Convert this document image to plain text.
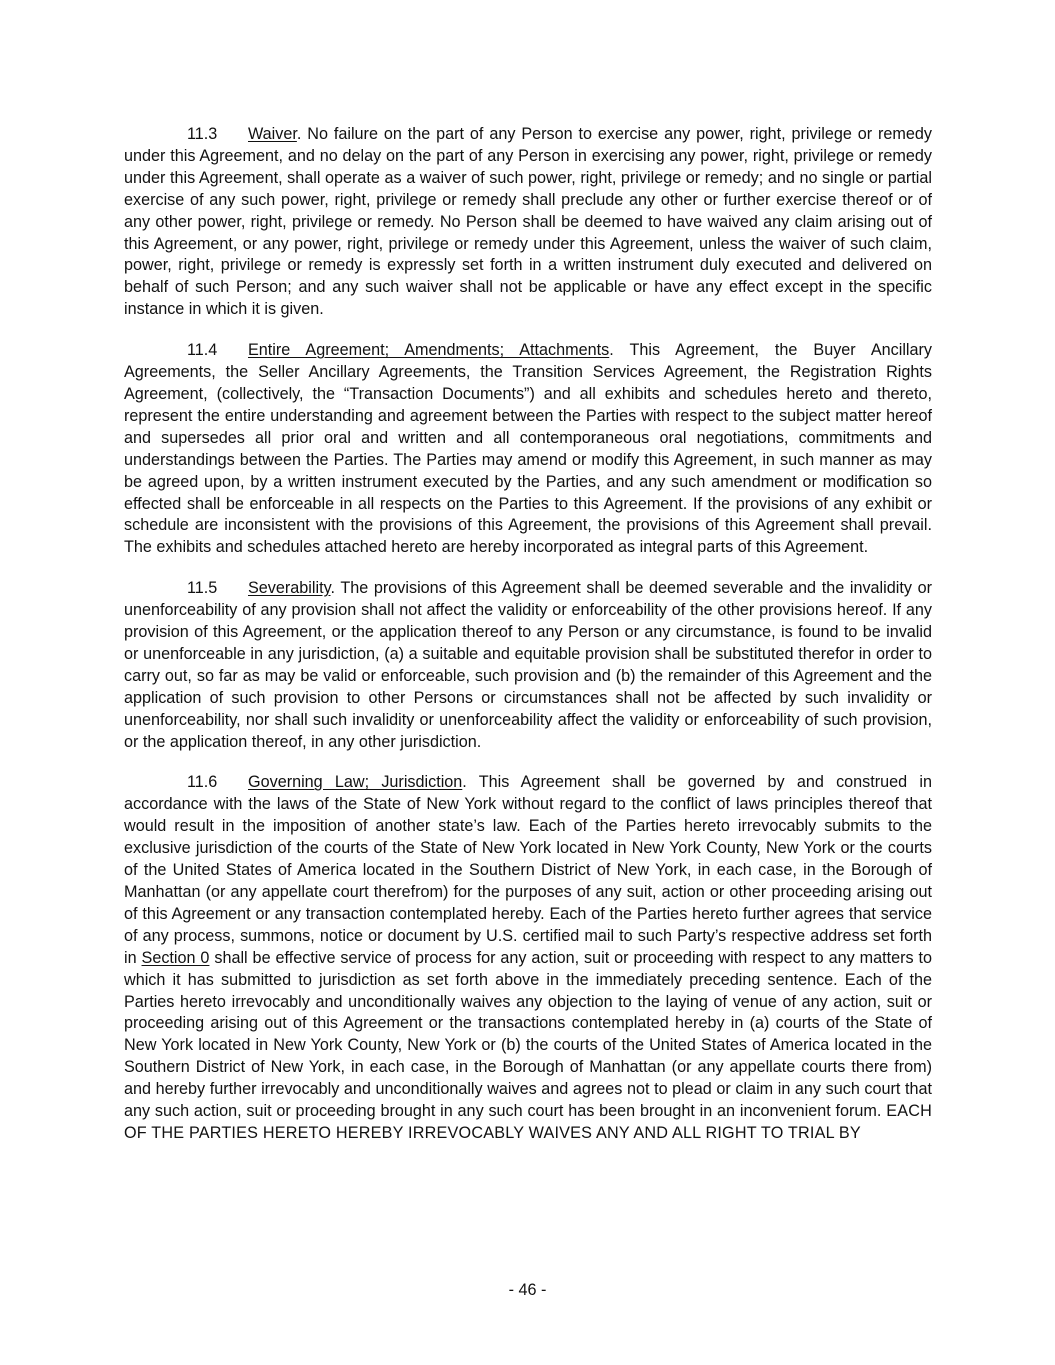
11.3 Waiver. No failure on the part of any Person to exercise any power, right, privilege or remedy under this Agreement, and no delay on the part of any Person in exercising any power, right, privilege or remedy under this Agreement, shall operate as a waiver of such power, right, privilege or remedy; and no single or partial exercise of any such power, right, privilege or remedy shall preclude any other or further exercise thereof or of any other power, right, privilege or remedy. No Person shall be deemed to have waived any claim arising out of this Agreement, or any power, right, privilege or remedy under this Agreement, unless the waiver of such claim, power, right, privilege or remedy is expressly set forth in a written instrument duly executed and delivered on behalf of such Person; and any such waiver shall not be applicable or have any effect except in the specific instance in which it is given.

11.4 Entire Agreement; Amendments; Attachments. This Agreement, the Buyer Ancillary Agreements, the Seller Ancillary Agreements, the Transition Services Agreement, the Registration Rights Agreement, (collectively, the “Transaction Documents”) and all exhibits and schedules hereto and thereto, represent the entire understanding and agreement between the Parties with respect to the subject matter hereof and supersedes all prior oral and written and all contemporaneous oral negotiations, commitments and understandings between the Parties. The Parties may amend or modify this Agreement, in such manner as may be agreed upon, by a written instrument executed by the Parties, and any such amendment or modification so effected shall be enforceable in all respects on the Parties to this Agreement. If the provisions of any exhibit or schedule are inconsistent with the provisions of this Agreement, the provisions of this Agreement shall prevail. The exhibits and schedules attached hereto are hereby incorporated as integral parts of this Agreement.

11.5 Severability. The provisions of this Agreement shall be deemed severable and the invalidity or unenforceability of any provision shall not affect the validity or enforceability of the other provisions hereof. If any provision of this Agreement, or the application thereof to any Person or any circumstance, is found to be invalid or unenforceable in any jurisdiction, (a) a suitable and equitable provision shall be substituted therefor in order to carry out, so far as may be valid or enforceable, such provision and (b) the remainder of this Agreement and the application of such provision to other Persons or circumstances shall not be affected by such invalidity or unenforceability, nor shall such invalidity or unenforceability affect the validity or enforceability of such provision, or the application thereof, in any other jurisdiction.

11.6 Governing Law; Jurisdiction. This Agreement shall be governed by and construed in accordance with the laws of the State of New York without regard to the conflict of laws principles thereof that would result in the imposition of another state’s law. Each of the Parties hereto irrevocably submits to the exclusive jurisdiction of the courts of the State of New York located in New York County, New York or the courts of the United States of America located in the Southern District of New York, in each case, in the Borough of Manhattan (or any appellate court therefrom) for the purposes of any suit, action or other proceeding arising out of this Agreement or any transaction contemplated hereby. Each of the Parties hereto further agrees that service of any process, summons, notice or document by U.S. certified mail to such Party’s respective address set forth in Section 0 shall be effective service of process for any action, suit or proceeding with respect to any matters to which it has submitted to jurisdiction as set forth above in the immediately preceding sentence. Each of the Parties hereto irrevocably and unconditionally waives any objection to the laying of venue of any action, suit or proceeding arising out of this Agreement or the transactions contemplated hereby in (a) courts of the State of New York located in New York County, New York or (b) the courts of the United States of America located in the Southern District of New York, in each case, in the Borough of Manhattan (or any appellate courts there from) and hereby further irrevocably and unconditionally waives and agrees not to plead or claim in any such court that any such action, suit or proceeding brought in any such court has been brought in an inconvenient forum. EACH OF THE PARTIES HERETO HEREBY IRREVOCABLY WAIVES ANY AND ALL RIGHT TO TRIAL BY

- 46 -
